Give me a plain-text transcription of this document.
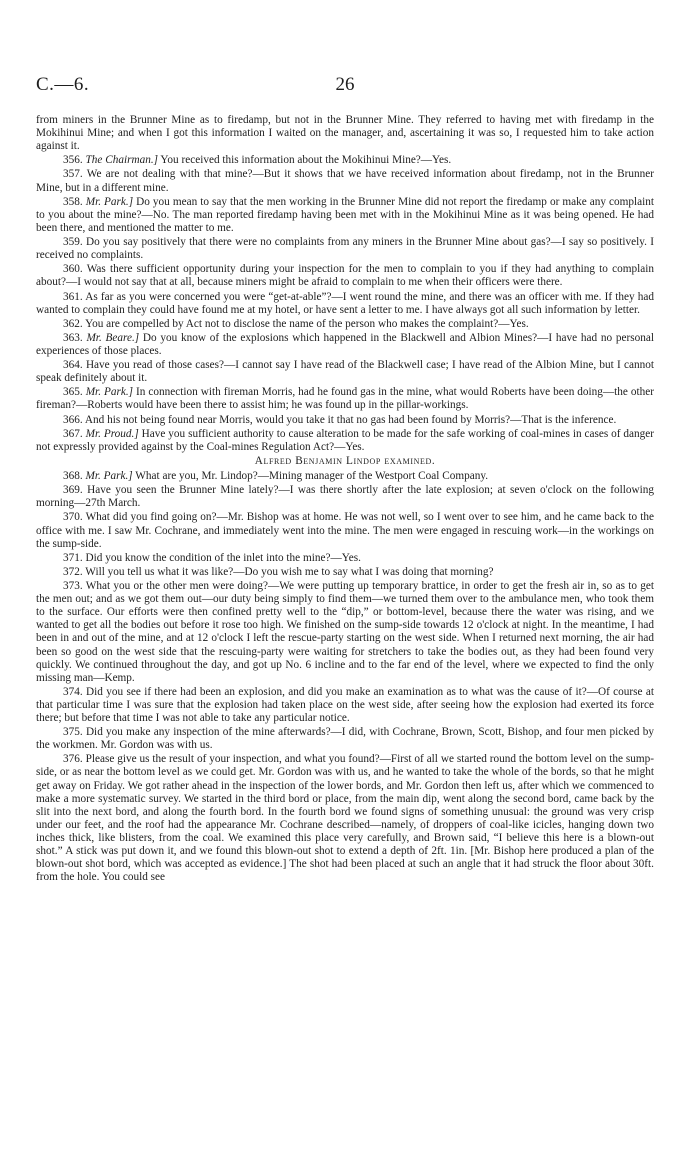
C.—6.	26

from miners in the Brunner Mine as to firedamp, but not in the Brunner Mine. They referred to having met with firedamp in the Mokihinui Mine; and when I got this information I waited on the manager, and, ascertaining it was so, I requested him to take action against it.

356. The Chairman.] You received this information about the Mokihinui Mine?—Yes.

357. We are not dealing with that mine?—But it shows that we have received information about firedamp, not in the Brunner Mine, but in a different mine.

358. Mr. Park.] Do you mean to say that the men working in the Brunner Mine did not report the firedamp or make any complaint to you about the mine?—No. The man reported firedamp having been met with in the Mokihinui Mine as it was being opened. He had been there, and mentioned the matter to me.

359. Do you say positively that there were no complaints from any miners in the Brunner Mine about gas?—I say so positively. I received no complaints.

360. Was there sufficient opportunity during your inspection for the men to complain to you if they had anything to complain about?—I would not say that at all, because miners might be afraid to complain to me when their officers were there.

361. As far as you were concerned you were “get-at-able”?—I went round the mine, and there was an officer with me. If they had wanted to complain they could have found me at my hotel, or have sent a letter to me. I have always got all such information by letter.

362. You are compelled by Act not to disclose the name of the person who makes the complaint?—Yes.

363. Mr. Beare.] Do you know of the explosions which happened in the Blackwell and Albion Mines?—I have had no personal experiences of those places.

364. Have you read of those cases?—I cannot say I have read of the Blackwell case; I have read of the Albion Mine, but I cannot speak definitely about it.

365. Mr. Park.] In connection with fireman Morris, had he found gas in the mine, what would Roberts have been doing—the other fireman?—Roberts would have been there to assist him; he was found up in the pillar-workings.

366. And his not being found near Morris, would you take it that no gas had been found by Morris?—That is the inference.

367. Mr. Proud.] Have you sufficient authority to cause alteration to be made for the safe working of coal-mines in cases of danger not expressly provided against by the Coal-mines Regulation Act?—Yes.

Alfred Benjamin Lindop examined.

368. Mr. Park.] What are you, Mr. Lindop?—Mining manager of the Westport Coal Company.

369. Have you seen the Brunner Mine lately?—I was there shortly after the late explosion; at seven o'clock on the following morning—27th March.

370. What did you find going on?—Mr. Bishop was at home. He was not well, so I went over to see him, and he came back to the office with me. I saw Mr. Cochrane, and immediately went into the mine. The men were engaged in rescuing work—in the workings on the sump-side.

371. Did you know the condition of the inlet into the mine?—Yes.

372. Will you tell us what it was like?—Do you wish me to say what I was doing that morning?

373. What you or the other men were doing?—We were putting up temporary brattice, in order to get the fresh air in, so as to get the men out; and as we got them out—our duty being simply to find them—we turned them over to the ambulance men, who took them to the surface. Our efforts were then confined pretty well to the “dip,” or bottom-level, because there the water was rising, and we wanted to get all the bodies out before it rose too high. We finished on the sump-side towards 12 o'clock at night. In the meantime, I had been in and out of the mine, and at 12 o'clock I left the rescue-party starting on the west side. When I returned next morning, the air had been so good on the west side that the rescuing-party were waiting for stretchers to take the bodies out, as they had been found very quickly. We continued throughout the day, and got up No. 6 incline and to the far end of the level, where we expected to find the only missing man—Kemp.

374. Did you see if there had been an explosion, and did you make an examination as to what was the cause of it?—Of course at that particular time I was sure that the explosion had taken place on the west side, after seeing how the explosion had exerted its force there; but before that time I was not able to take any particular notice.

375. Did you make any inspection of the mine afterwards?—I did, with Cochrane, Brown, Scott, Bishop, and four men picked by the workmen. Mr. Gordon was with us.

376. Please give us the result of your inspection, and what you found?—First of all we started round the bottom level on the sump-side, or as near the bottom level as we could get. Mr. Gordon was with us, and he wanted to take the whole of the bords, so that he might get away on Friday. We got rather ahead in the inspection of the lower bords, and Mr. Gordon then left us, after which we commenced to make a more systematic survey. We started in the third bord or place, from the main dip, went along the second bord, came back by the slit into the next bord, and along the fourth bord. In the fourth bord we found signs of something unusual: the ground was very crisp under our feet, and the roof had the appearance Mr. Cochrane described—namely, of droppers of coal-like icicles, hanging down two inches thick, like blisters, from the coal. We examined this place very carefully, and Brown said, “I believe this here is a blown-out shot.” A stick was put down it, and we found this blown-out shot to extend a depth of 2ft. 1in. [Mr. Bishop here produced a plan of the blown-out shot bord, which was accepted as evidence.] The shot had been placed at such an angle that it had struck the floor about 30ft. from the hole. You could see
